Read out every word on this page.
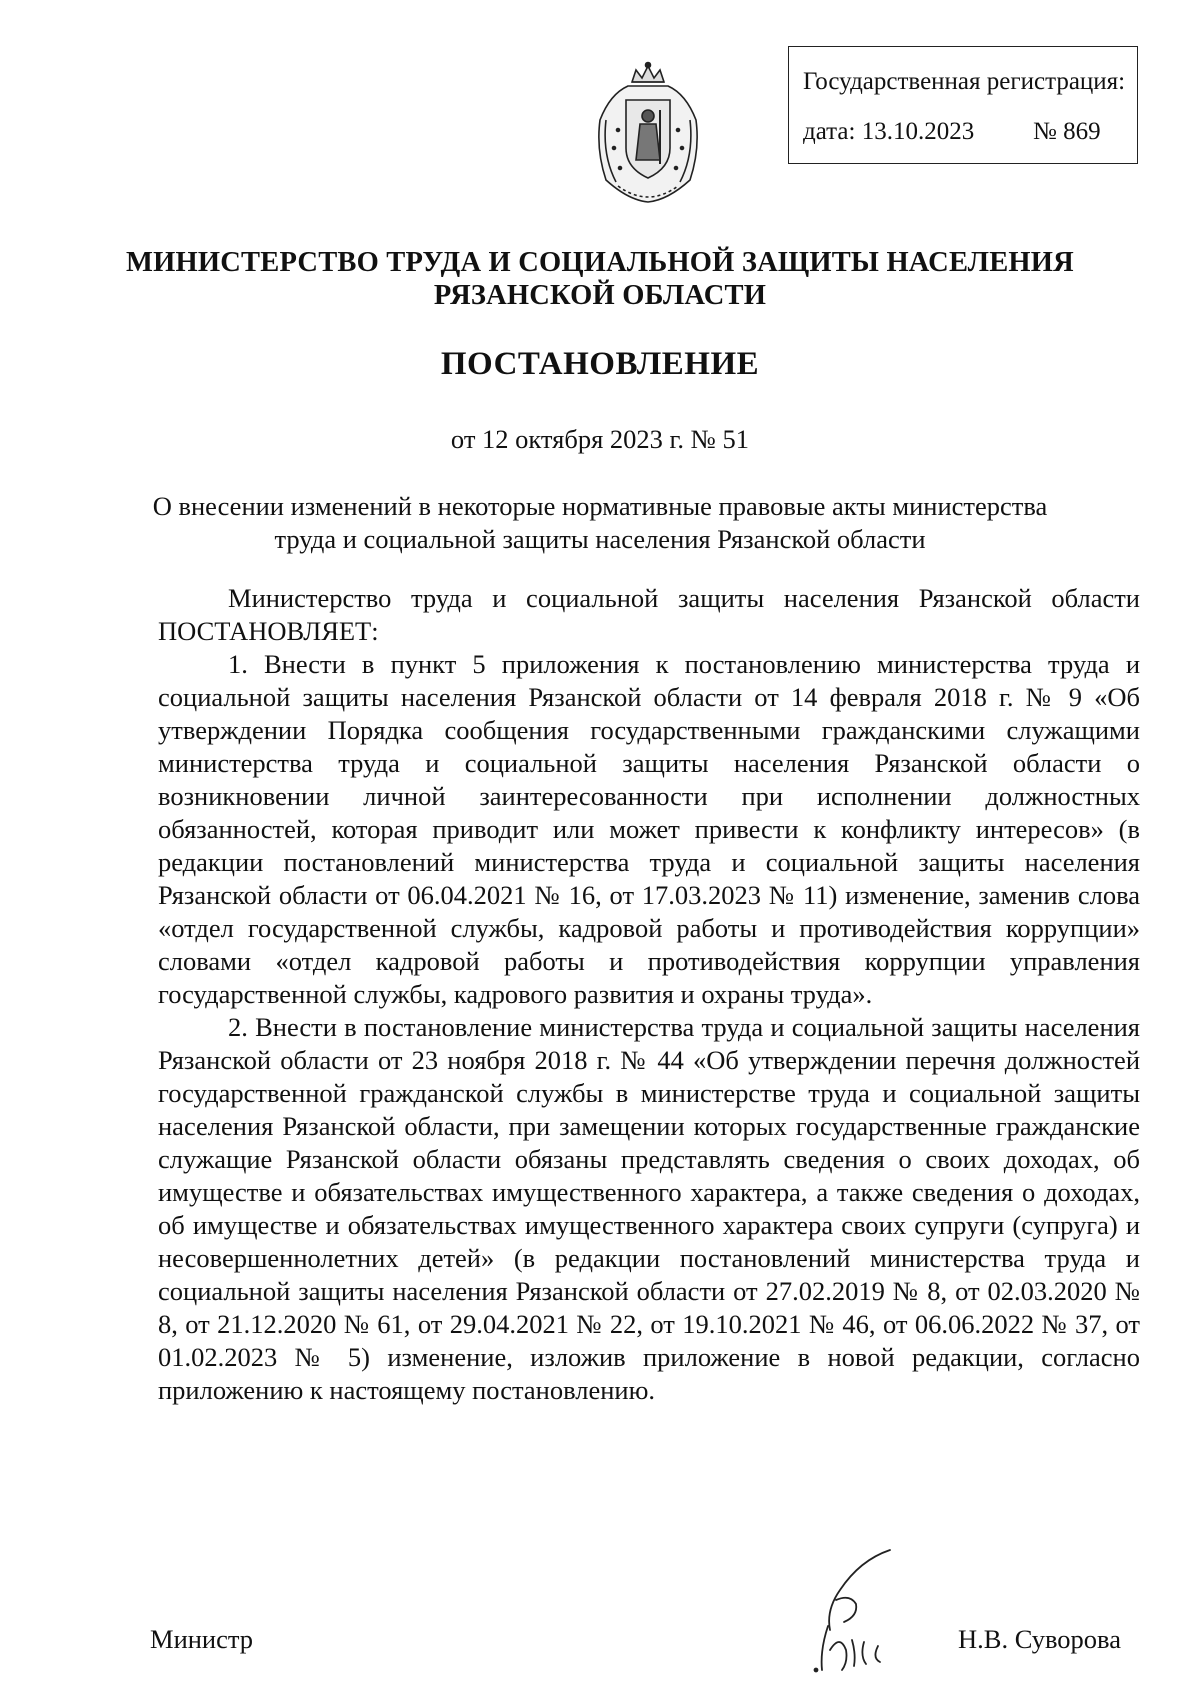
Государственная регистрация:
дата: 13.10.2023 № 869
МИНИСТЕРСТВО ТРУДА И СОЦИАЛЬНОЙ ЗАЩИТЫ НАСЕЛЕНИЯ
РЯЗАНСКОЙ ОБЛАСТИ
ПОСТАНОВЛЕНИЕ
от 12 октября 2023 г. № 51
О внесении изменений в некоторые нормативные правовые акты министерства
труда и социальной защиты населения Рязанской области

Министерство труда и социальной защиты населения Рязанской области ПОСТАНОВЛЯЕТ:

1. Внести в пункт 5 приложения к постановлению министерства труда и социальной защиты населения Рязанской области от 14 февраля 2018 г. № 9 «Об утверждении Порядка сообщения государственными гражданскими служащими министерства труда и социальной защиты населения Рязанской области о возникновении личной заинтересованности при исполнении должностных обязанностей, которая приводит или может привести к конфликту интересов» (в редакции постановлений министерства труда и социальной защиты населения Рязанской области от 06.04.2021 № 16, от 17.03.2023 № 11) изменение, заменив слова «отдел государственной службы, кадровой работы и противодействия коррупции» словами «отдел кадровой работы и противодействия коррупции управления государственной службы, кадрового развития и охраны труда».

2. Внести в постановление министерства труда и социальной защиты населения Рязанской области от 23 ноября 2018 г. № 44 «Об утверждении перечня должностей государственной гражданской службы в министерстве труда и социальной защиты населения Рязанской области, при замещении которых государственные гражданские служащие Рязанской области обязаны представлять сведения о своих доходах, об имуществе и обязательствах имущественного характера, а также сведения о доходах, об имуществе и обязательствах имущественного характера своих супруги (супруга) и несовершеннолетних детей» (в редакции постановлений министерства труда и социальной защиты населения Рязанской области от 27.02.2019 № 8, от 02.03.2020 № 8, от 21.12.2020 № 61, от 29.04.2021 № 22, от 19.10.2021 № 46, от 06.06.2022 № 37, от 01.02.2023 № 5) изменение, изложив приложение в новой редакции, согласно приложению к настоящему постановлению.

Министр	Н.В. Суворова
